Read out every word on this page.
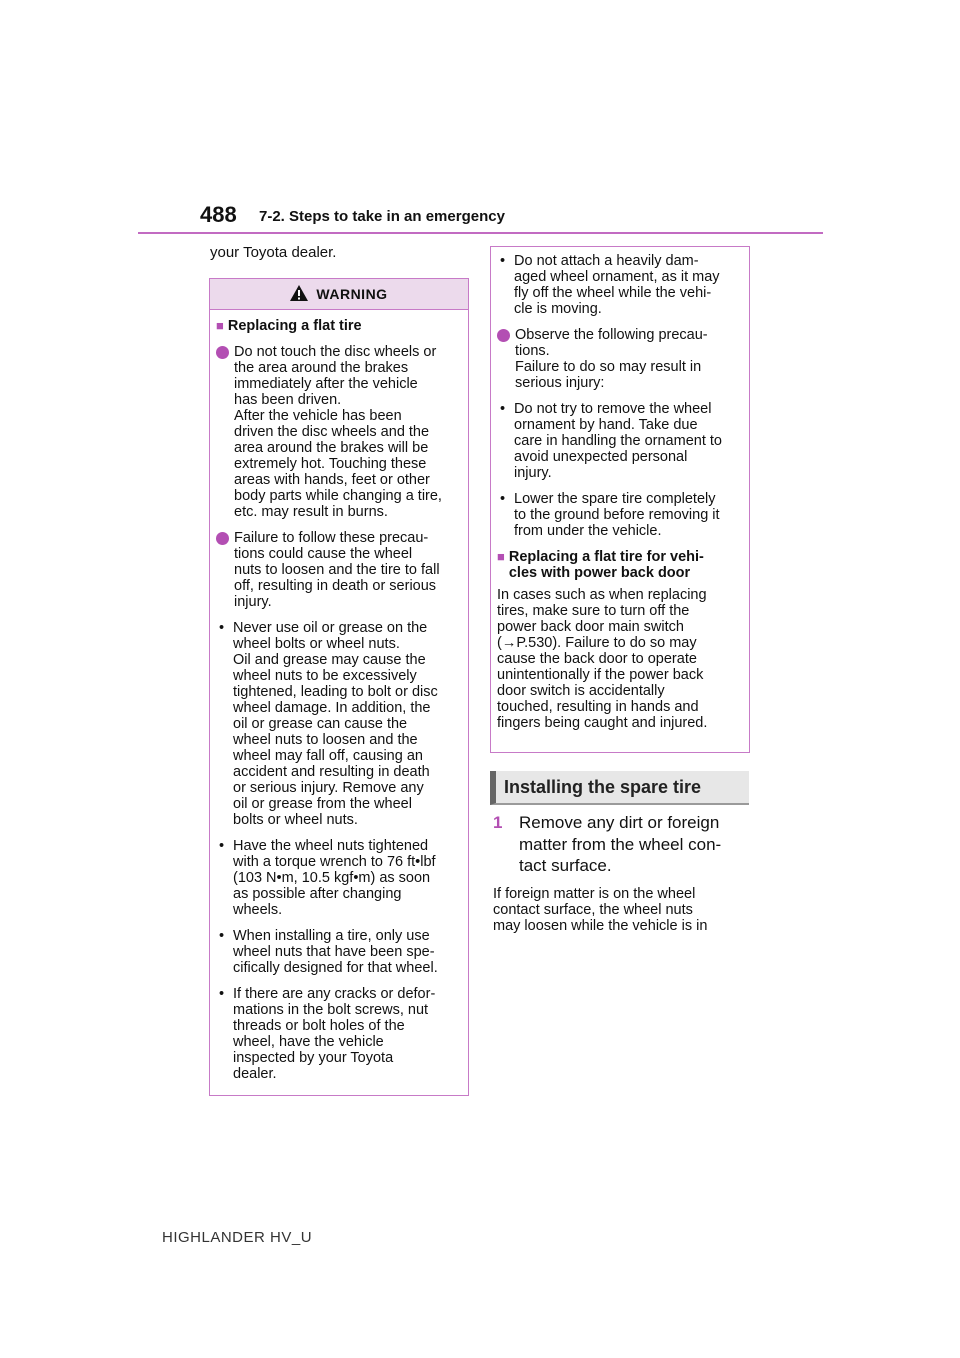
488 7-2. Steps to take in an emergency
your Toyota dealer.
WARNING
■ Replacing a flat tire
Do not touch the disc wheels or
the area around the brakes
immediately after the vehicle
has been driven.
After the vehicle has been
driven the disc wheels and the
area around the brakes will be
extremely hot. Touching these
areas with hands, feet or other
body parts while changing a tire,
etc. may result in burns.
Failure to follow these precau-
tions could cause the wheel
nuts to loosen and the tire to fall
off, resulting in death or serious
injury.
• Never use oil or grease on the
wheel bolts or wheel nuts.
Oil and grease may cause the
wheel nuts to be excessively
tightened, leading to bolt or disc
wheel damage. In addition, the
oil or grease can cause the
wheel nuts to loosen and the
wheel may fall off, causing an
accident and resulting in death
or serious injury. Remove any
oil or grease from the wheel
bolts or wheel nuts.
• Have the wheel nuts tightened
with a torque wrench to 76 ft•lbf
(103 N•m, 10.5 kgf•m) as soon
as possible after changing
wheels.
• When installing a tire, only use
wheel nuts that have been spe-
cifically designed for that wheel.
• If there are any cracks or defor-
mations in the bolt screws, nut
threads or bolt holes of the
wheel, have the vehicle
inspected by your Toyota
dealer.
• Do not attach a heavily dam-
aged wheel ornament, as it may
fly off the wheel while the vehi-
cle is moving.
Observe the following precau-
tions.
Failure to do so may result in
serious injury:
• Do not try to remove the wheel
ornament by hand. Take due
care in handling the ornament to
avoid unexpected personal
injury.
• Lower the spare tire completely
to the ground before removing it
from under the vehicle.
■ Replacing a flat tire for vehi-
cles with power back door
In cases such as when replacing
tires, make sure to turn off the
power back door main switch
(→P.530). Failure to do so may
cause the back door to operate
unintentionally if the power back
door switch is accidentally
touched, resulting in hands and
fingers being caught and injured.
Installing the spare tire
1 Remove any dirt or foreign matter from the wheel con-tact surface.
If foreign matter is on the wheel
contact surface, the wheel nuts
may loosen while the vehicle is in
HIGHLANDER HV_U
